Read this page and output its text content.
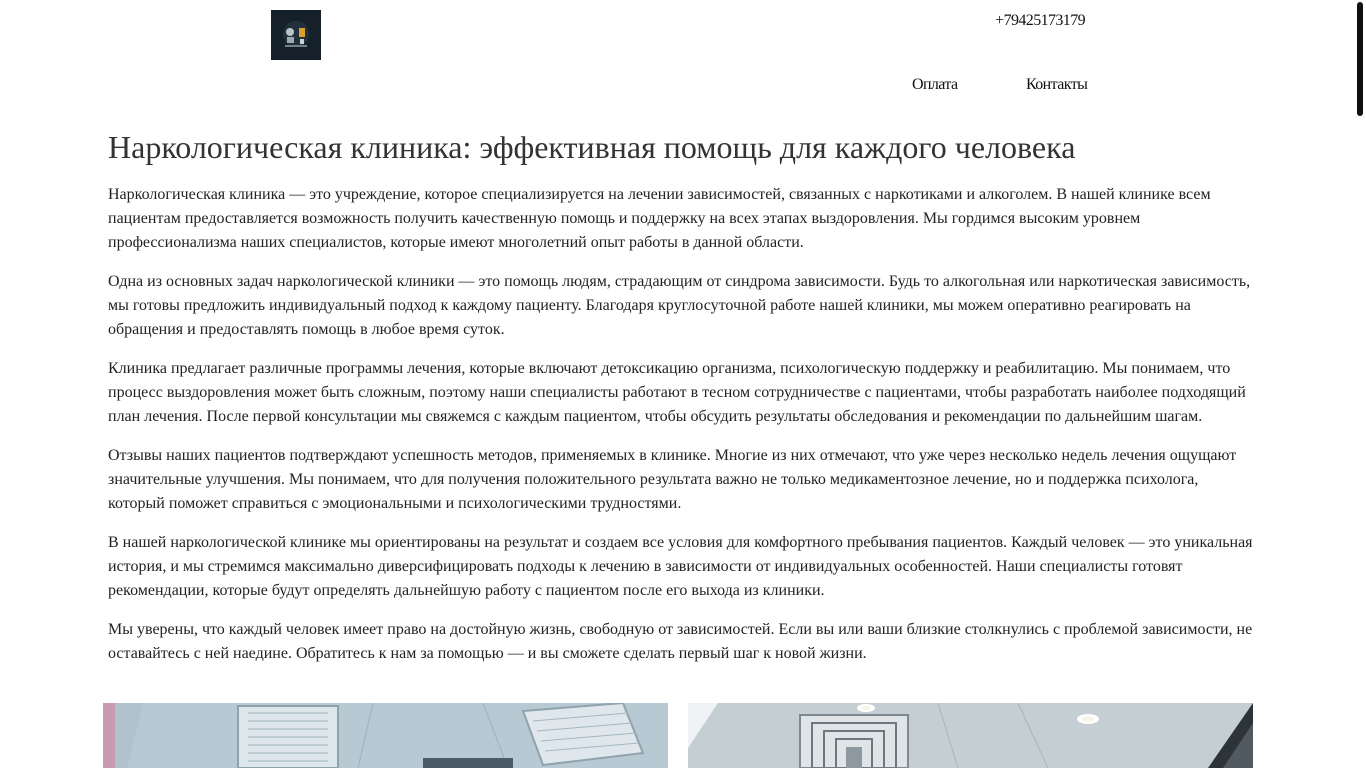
+79425173179
Оплата	Контакты
Наркологическая клиника: эффективная помощь для каждого человека

Наркологическая клиника — это учреждение, которое специализируется на лечении зависимостей, связанных с наркотиками и алкоголем. В нашей клинике всем пациентам предоставляется возможность получить качественную помощь и поддержку на всех этапах выздоровления. Мы гордимся высоким уровнем профессионализма наших специалистов, которые имеют многолетний опыт работы в данной области.

Одна из основных задач наркологической клиники — это помощь людям, страдающим от синдрома зависимости. Будь то алкогольная или наркотическая зависимость, мы готовы предложить индивидуальный подход к каждому пациенту. Благодаря круглосуточной работе нашей клиники, мы можем оперативно реагировать на обращения и предоставлять помощь в любое время суток.

Клиника предлагает различные программы лечения, которые включают детоксикацию организма, психологическую поддержку и реабилитацию. Мы понимаем, что процесс выздоровления может быть сложным, поэтому наши специалисты работают в тесном сотрудничестве с пациентами, чтобы разработать наиболее подходящий план лечения. После первой консультации мы свяжемся с каждым пациентом, чтобы обсудить результаты обследования и рекомендации по дальнейшим шагам.

Отзывы наших пациентов подтверждают успешность методов, применяемых в клинике. Многие из них отмечают, что уже через несколько недель лечения ощущают значительные улучшения. Мы понимаем, что для получения положительного результата важно не только медикаментозное лечение, но и поддержка психолога, который поможет справиться с эмоциональными и психологическими трудностями.

В нашей наркологической клинике мы ориентированы на результат и создаем все условия для комфортного пребывания пациентов. Каждый человек — это уникальная история, и мы стремимся максимально диверсифицировать подходы к лечению в зависимости от индивидуальных особенностей. Наши специалисты готовят рекомендации, которые будут определять дальнейшую работу с пациентом после его выхода из клиники.

Мы уверены, что каждый человек имеет право на достойную жизнь, свободную от зависимостей. Если вы или ваши близкие столкнулись с проблемой зависимости, не оставайтесь с ней наедине. Обратитесь к нам за помощью — и вы сможете сделать первый шаг к новой жизни.
